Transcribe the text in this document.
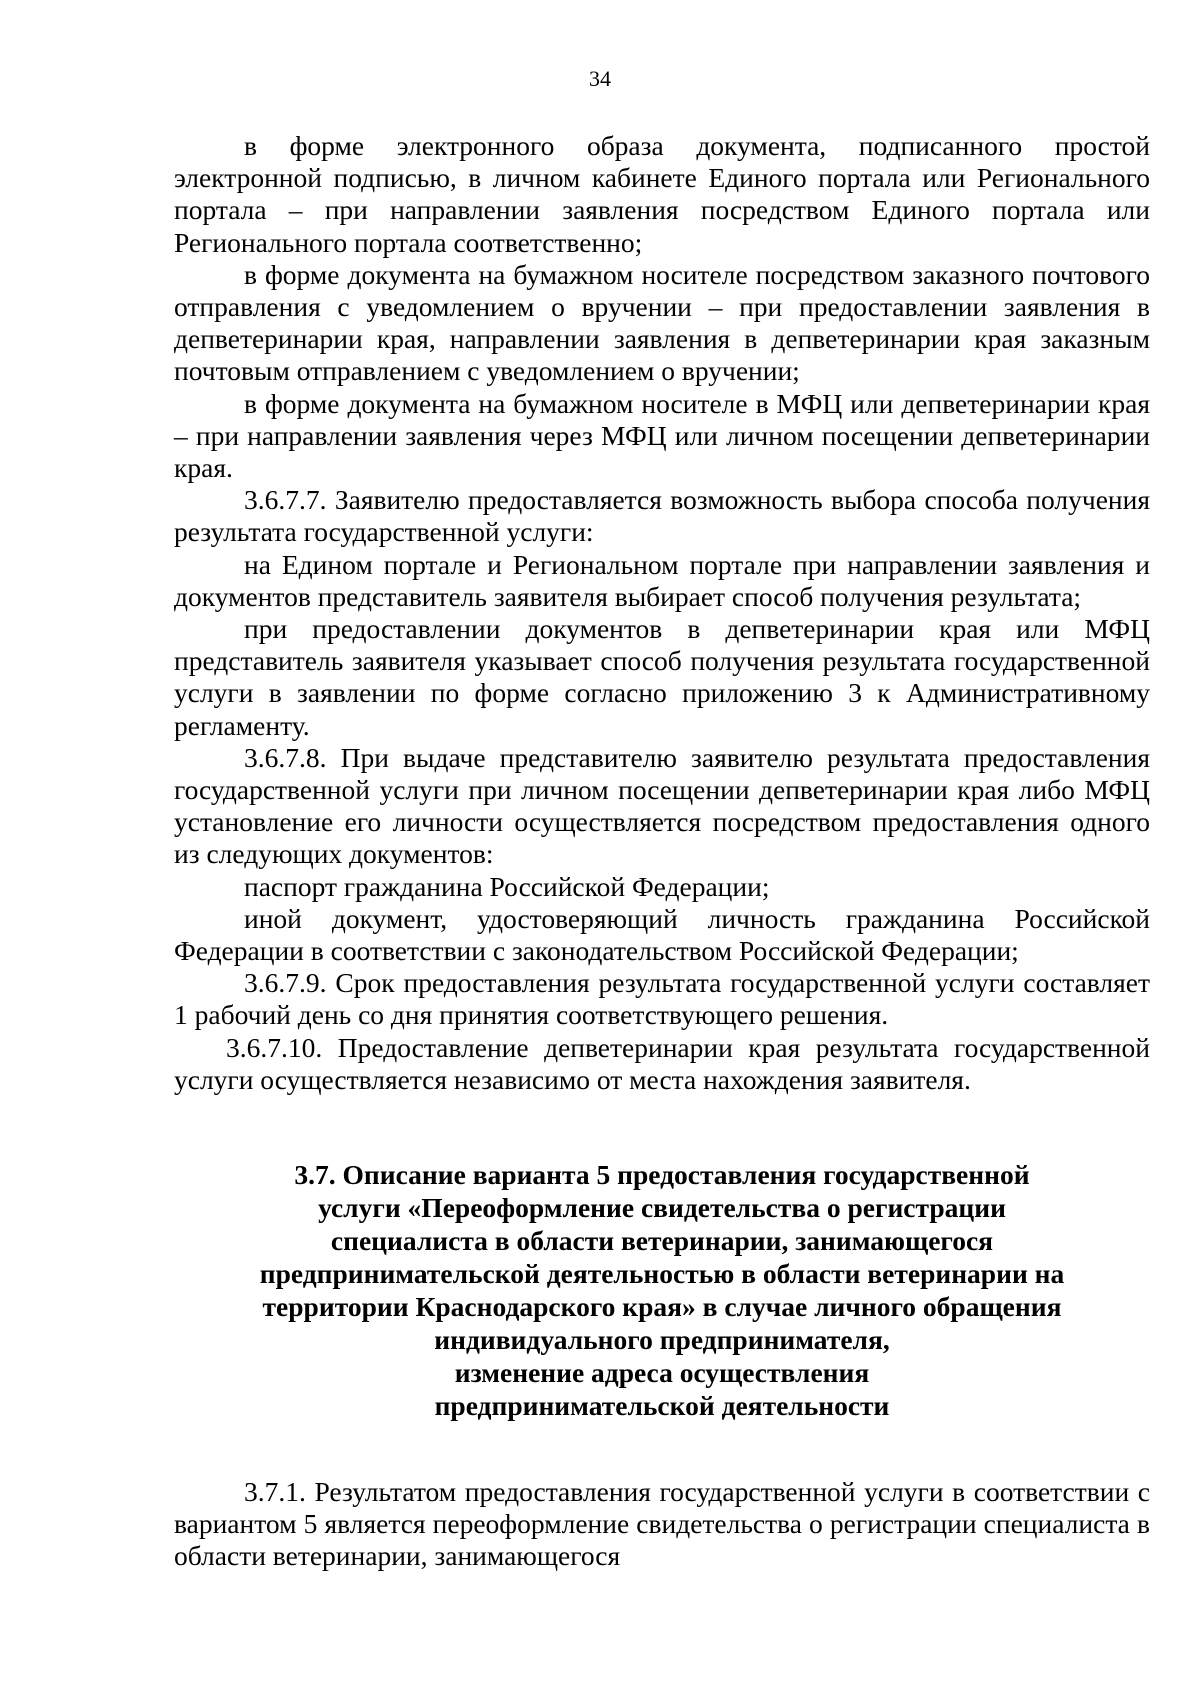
34

в форме электронного образа документа, подписанного простой электронной подписью, в личном кабинете Единого портала или Регионального портала – при направлении заявления посредством Единого портала или Регионального портала соответственно;

в форме документа на бумажном носителе посредством заказного почтового отправления с уведомлением о вручении – при предоставлении заявления в депветеринарии края, направлении заявления в депветеринарии края заказным почтовым отправлением с уведомлением о вручении;

в форме документа на бумажном носителе в МФЦ или депветеринарии края – при направлении заявления через МФЦ или личном посещении депветеринарии края.

3.6.7.7. Заявителю предоставляется возможность выбора способа получения результата государственной услуги:

на Едином портале и Региональном портале при направлении заявления и документов представитель заявителя выбирает способ получения результата;

при предоставлении документов в депветеринарии края или МФЦ представитель заявителя указывает способ получения результата государственной услуги в заявлении по форме согласно приложению 3 к Административному регламенту.

3.6.7.8. При выдаче представителю заявителю результата предоставления государственной услуги при личном посещении депветеринарии края либо МФЦ установление его личности осуществляется посредством предоставления одного из следующих документов:

паспорт гражданина Российской Федерации;

иной документ, удостоверяющий личность гражданина Российской Федерации в соответствии с законодательством Российской Федерации;

3.6.7.9. Срок предоставления результата государственной услуги составляет 1 рабочий день со дня принятия соответствующего решения.

3.6.7.10. Предоставление депветеринарии края результата государственной услуги осуществляется независимо от места нахождения заявителя.

3.7. Описание варианта 5 предоставления государственной
услуги «Переоформление свидетельства о регистрации
специалиста в области ветеринарии, занимающегося
предпринимательской деятельностью в области ветеринарии на
территории Краснодарского края» в случае личного обращения
индивидуального предпринимателя,
изменение адреса осуществления
предпринимательской деятельности

3.7.1. Результатом предоставления государственной услуги в соответствии с вариантом 5 является переоформление свидетельства о регистрации специалиста в области ветеринарии, занимающегося
